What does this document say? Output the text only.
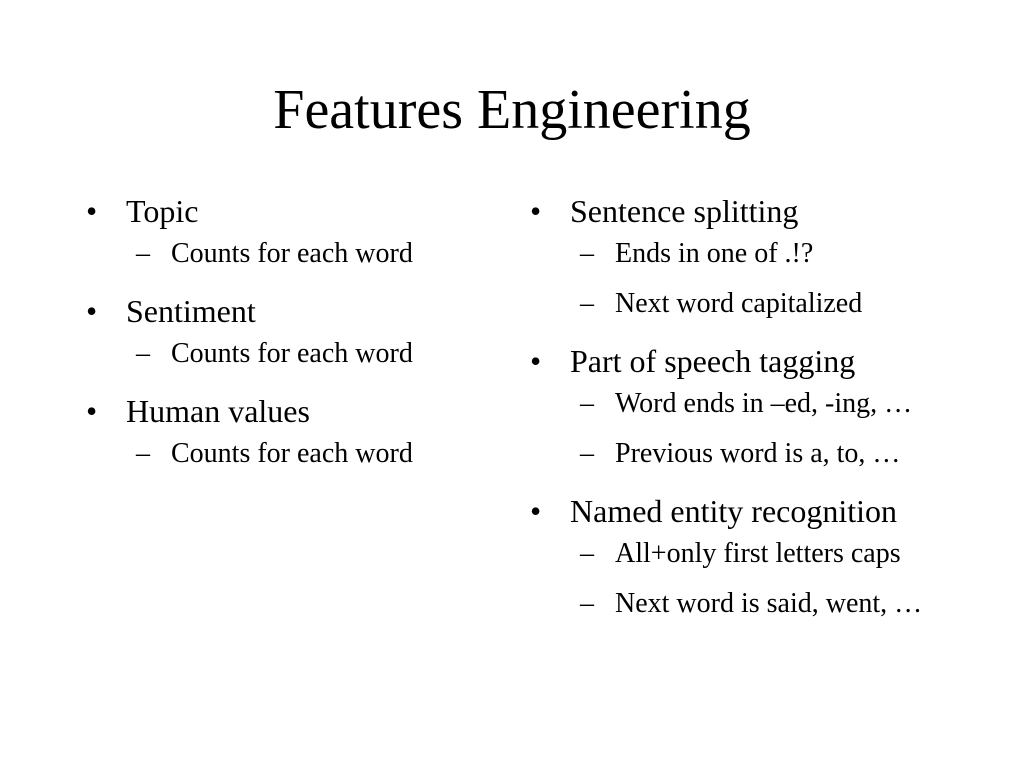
Features Engineering
• Topic
– Counts for each word
• Sentiment
– Counts for each word
• Human values
– Counts for each word
• Sentence splitting
– Ends in one of .!?
– Next word capitalized
• Part of speech tagging
– Word ends in –ed, -ing, …
– Previous word is a, to, …
• Named entity recognition
– All+only first letters caps
– Next word is said, went, …
